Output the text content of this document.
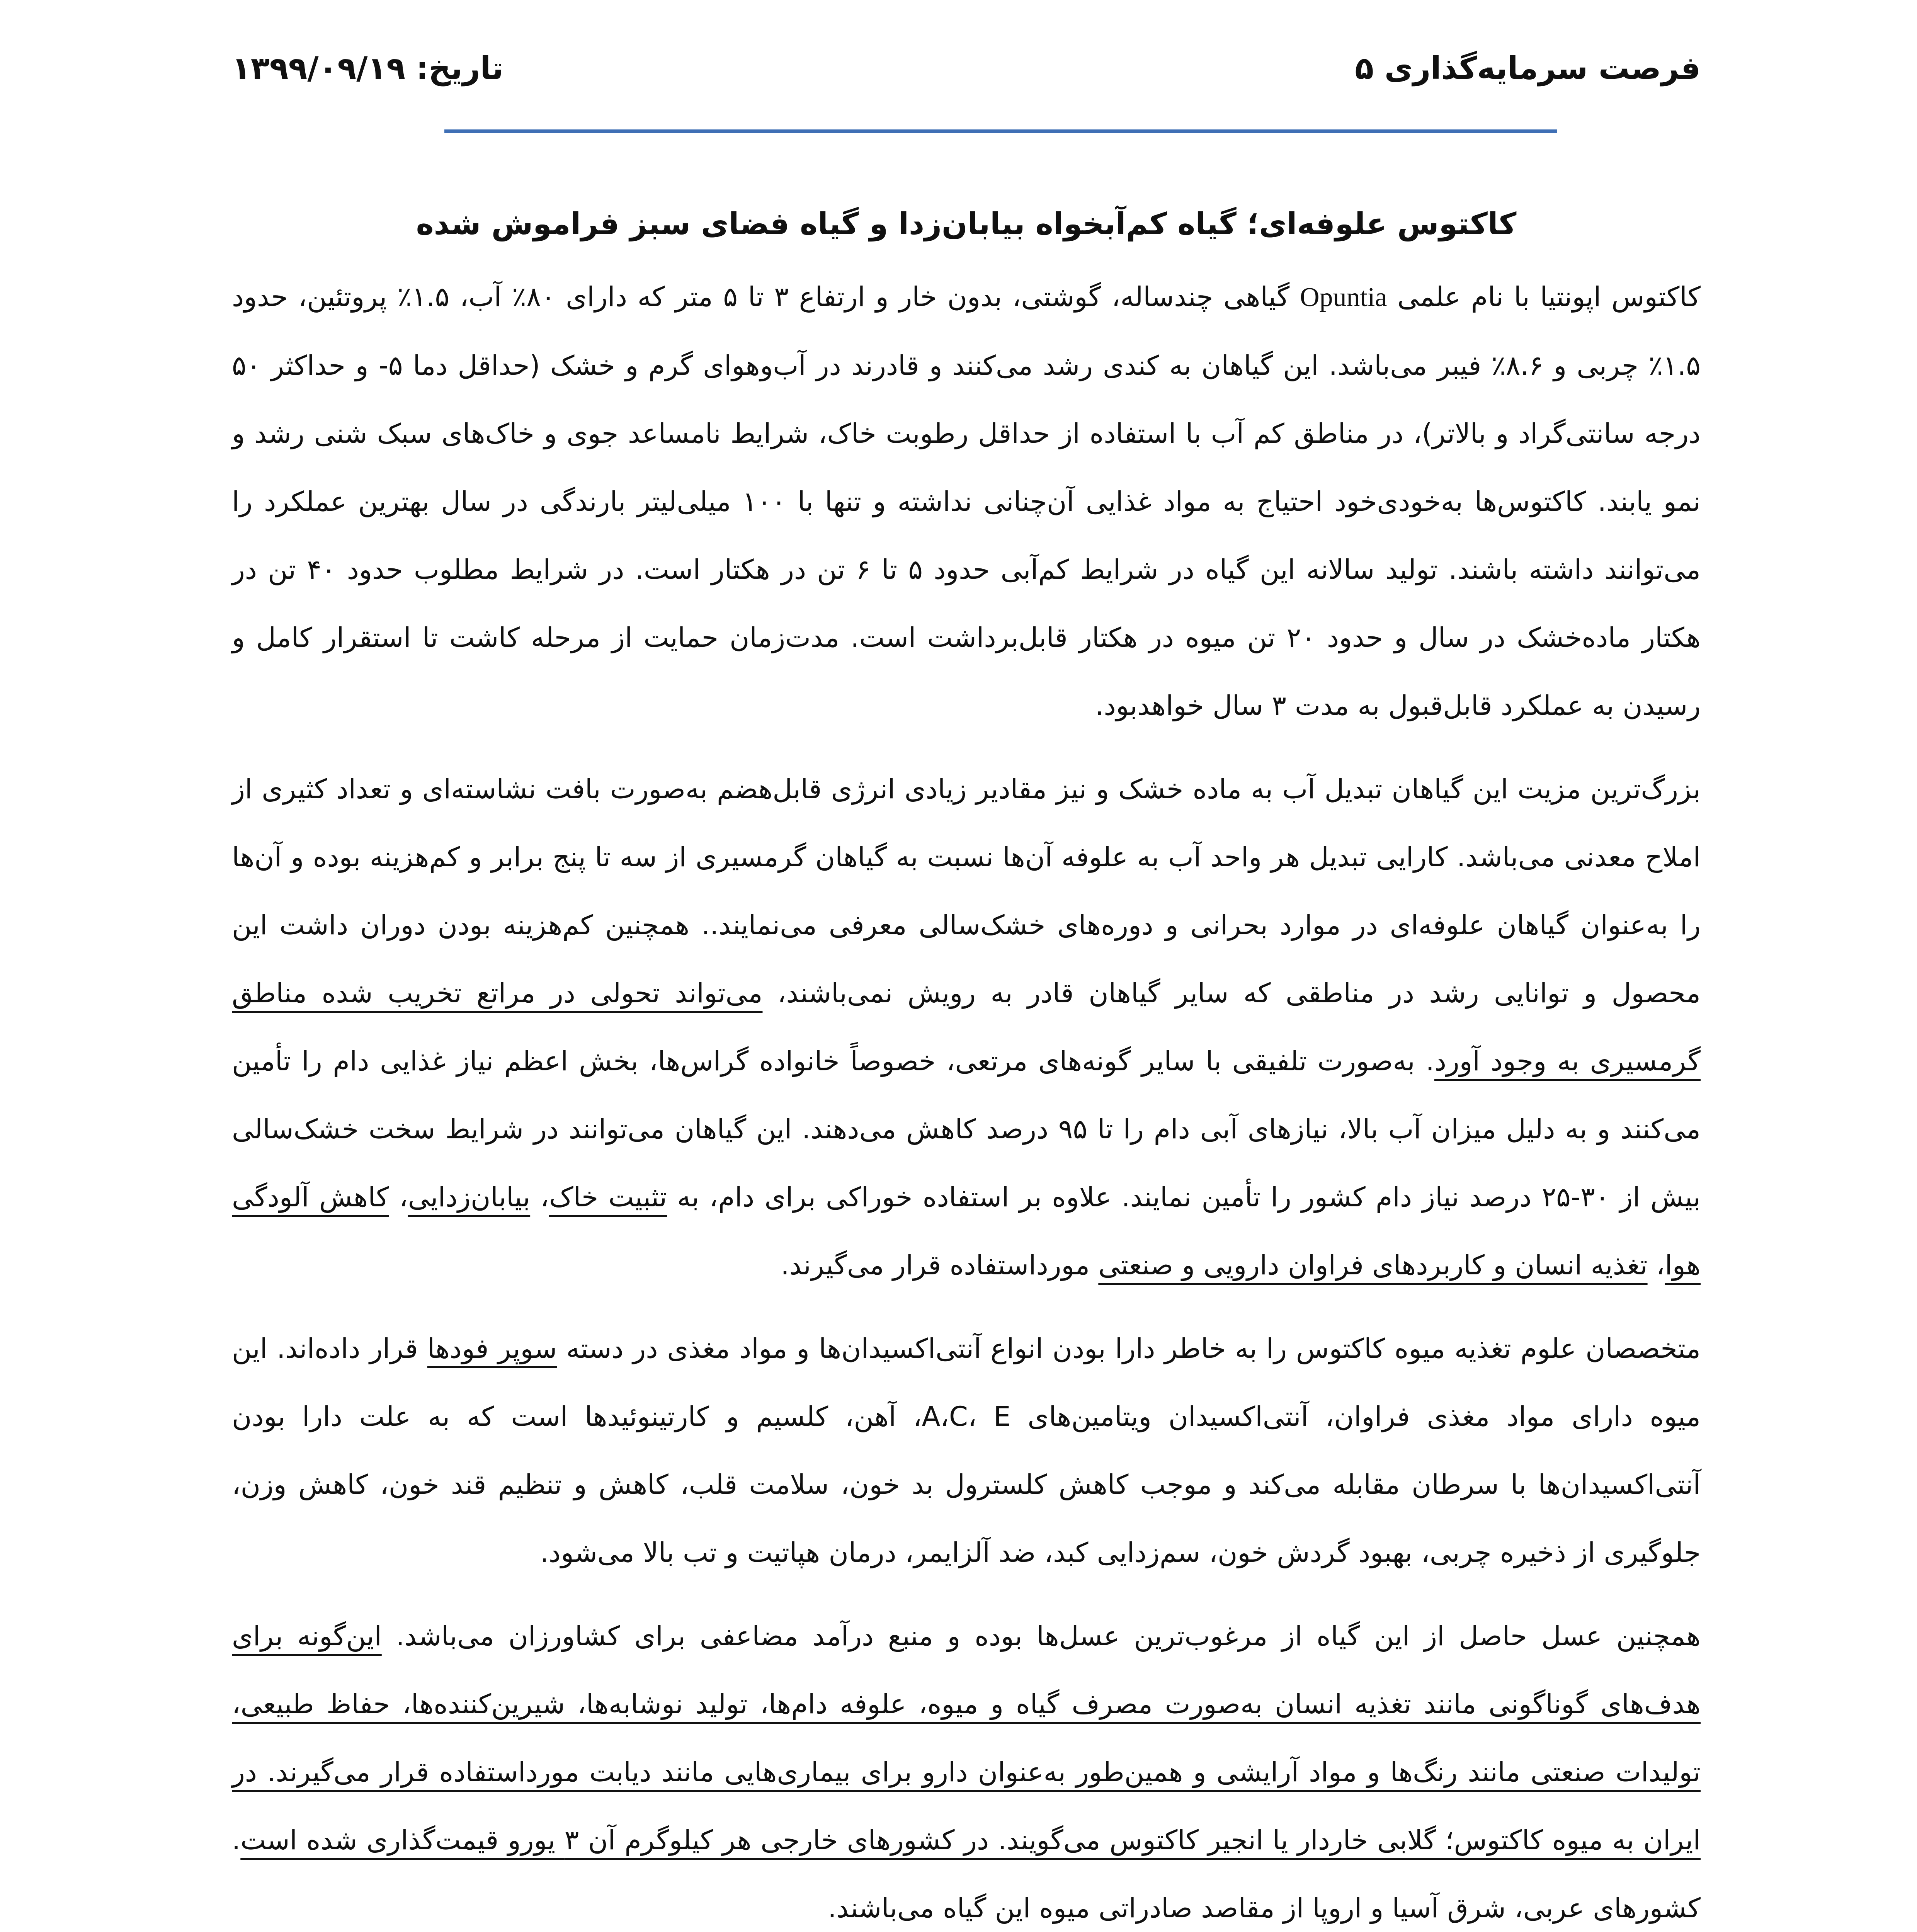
فرصت سرمایه‌گذاری ۵
تاریخ: ۱۳۹۹/۰۹/۱۹
کاکتوس علوفه‌ای؛ گیاه کم‌آبخواه بیابان‌زدا و گیاه فضای سبز فراموش شده

کاکتوس اپونتیا با نام علمی Opuntia گیاهی چندساله، گوشتی، بدون خار و ارتفاع ۳ تا ۵ متر که دارای ۸۰٪ آب، ۱.۵٪ پروتئین، حدود ۱.۵٪ چربی و ۸.۶٪ فیبر می‌باشد. این گیاهان به کندی رشد می‌کنند و قادرند در آب‌وهوای گرم و خشک (حداقل دما ۵- و حداکثر ۵۰ درجه سانتی‌گراد و بالاتر)، در مناطق کم آب با استفاده از حداقل رطوبت خاک، شرایط نامساعد جوی و خاک‌های سبک شنی رشد و نمو یابند. کاکتوس‌ها به‌خودی‌خود احتیاج به مواد غذایی آن‌چنانی نداشته و تنها با ۱۰۰ میلی‌لیتر بارندگی در سال بهترین عملکرد را می‌توانند داشته باشند. تولید سالانه این گیاه در شرایط کم‌آبی حدود ۵ تا ۶ تن در هکتار است. در شرایط مطلوب حدود ۴۰ تن در هکتار ماده‌خشک در سال و حدود ۲۰ تن میوه در هکتار قابل‌برداشت است. مدت‌زمان حمایت از مرحله کاشت تا استقرار کامل و رسیدن به عملکرد قابل‌قبول به مدت ۳ سال خواهدبود.

بزرگ‌ترین مزیت این گیاهان تبدیل آب به ماده خشک و نیز مقادیر زیادی انرژی قابل‌هضم به‌صورت بافت نشاسته‌ای و تعداد کثیری از املاح معدنی می‌باشد. کارایی تبدیل هر واحد آب به علوفه آن‌ها نسبت به گیاهان گرمسیری از سه تا پنج برابر و کم‌هزینه بوده و آن‌ها را به‌عنوان گیاهان علوفه‌ای در موارد بحرانی و دوره‌های خشک‌سالی معرفی می‌نمایند.. همچنین کم‌هزینه بودن دوران داشت این محصول و توانایی رشد در مناطقی که سایر گیاهان قادر به رویش نمی‌باشند، می‌تواند تحولی در مراتع تخریب شده مناطق گرمسیری به وجود آورد. به‌صورت تلفیقی با سایر گونه‌های مرتعی، خصوصاً خانواده گراس‌ها، بخش اعظم نیاز غذایی دام را تأمین می‌کنند و به دلیل میزان آب بالا، نیازهای آبی دام را تا ۹۵ درصد کاهش می‌دهند. این گیاهان می‌توانند در شرایط سخت خشک‌سالی بیش از ۳۰-۲۵ درصد نیاز دام کشور را تأمین نمایند. علاوه بر استفاده خوراکی برای دام، به تثبیت خاک، بیابان‌زدایی، کاهش آلودگی هوا، تغذیه انسان و کاربردهای فراوان دارویی و صنعتی مورداستفاده قرار می‌گیرند.

متخصصان علوم تغذیه میوه کاکتوس را به خاطر دارا بودن انواع آنتی‌اکسیدان‌ها و مواد مغذی در دسته سوپر فودها قرار داده‌اند. این میوه دارای مواد مغذی فراوان، آنتی‌اکسیدان ویتامین‌های A،C، E، آهن، کلسیم و کارتینوئیدها است که به علت دارا بودن آنتی‌اکسیدان‌ها با سرطان مقابله می‌کند و موجب کاهش کلسترول بد خون، سلامت قلب، کاهش و تنظیم قند خون، کاهش وزن، جلوگیری از ذخیره چربی، بهبود گردش خون، سم‌زدایی کبد، ضد آلزایمر، درمان هپاتیت و تب بالا می‌شود.

همچنین عسل حاصل از این گیاه از مرغوب‌ترین عسل‌ها بوده و منبع درآمد مضاعفی برای کشاورزان می‌باشد. این‌گونه برای هدف‌های گوناگونی مانند تغذیه انسان به‌صورت مصرف گیاه و میوه، علوفه دام‌ها، تولید نوشابه‌ها، شیرین‌کننده‌ها، حفاظ طبیعی، تولیدات صنعتی مانند رنگ‌ها و مواد آرایشی و همین‌طور به‌عنوان دارو برای بیماری‌هایی مانند دیابت مورداستفاده قرار می‌گیرند. در ایران به میوه کاکتوس؛ گلابی خاردار یا انجیر کاکتوس می‌گویند. در کشورهای خارجی هر کیلوگرم آن ۳ یورو قیمت‌گذاری شده است. کشورهای عربی، شرق آسیا و اروپا از مقاصد صادراتی میوه این گیاه می‌باشند.
